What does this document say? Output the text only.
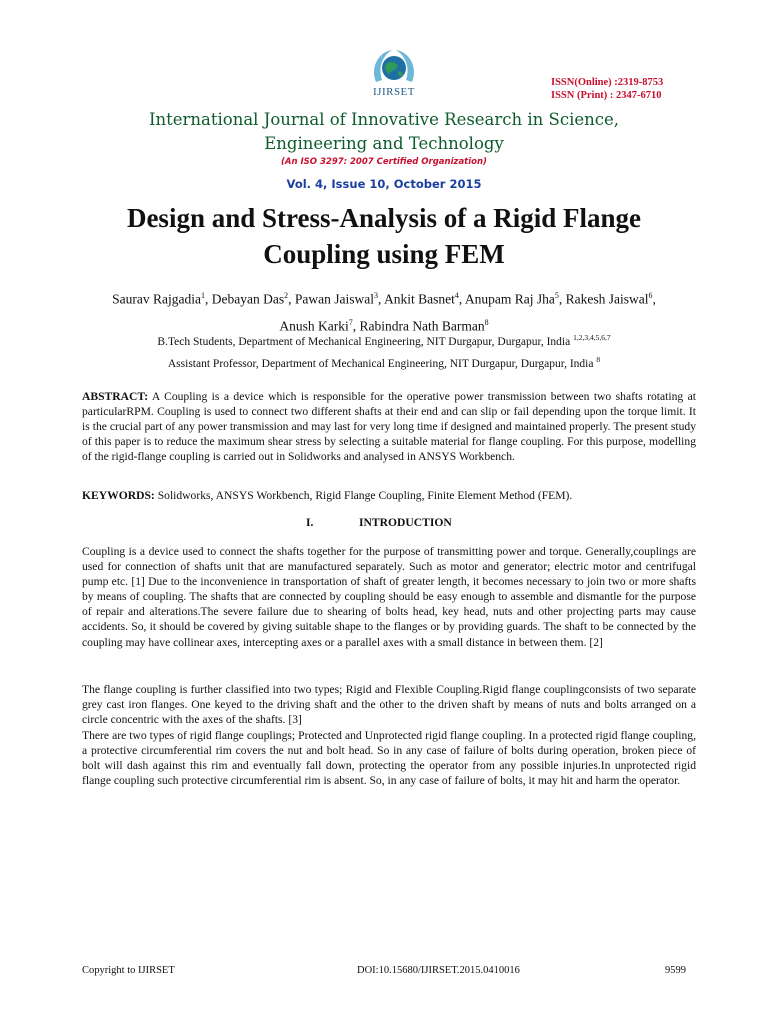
IJIRSET
ISSN(Online) :2319-8753
ISSN (Print) : 2347-6710
International Journal of Innovative Research in Science,
Engineering and Technology
(An ISO 3297: 2007 Certified Organization)
Vol. 4, Issue 10, October 2015
Design and Stress-Analysis of a Rigid Flange
Coupling using FEM
Saurav Rajgadia$^1$, Debayan Das$^2$, Pawan Jaiswal$^3$, Ankit Basnet$^4$, Anupam Raj Jha$^5$, Rakesh Jaiswal$^6$,
Anush Karki$^7$, Rabindra Nath Barman$^8$
B.Tech Students, Department of Mechanical Engineering, NIT Durgapur, Durgapur, India $^{1,2,3,4,5,6,7}$
Assistant Professor, Department of Mechanical Engineering, NIT Durgapur, Durgapur, India $^8$

ABSTRACT: A Coupling is a device which is responsible for the operative power transmission between two shafts rotating at particularRPM. Coupling is used to connect two different shafts at their end and can slip or fail depending upon the torque limit. It is the crucial part of any power transmission and may last for very long time if designed and maintained properly. The present study of this paper is to reduce the maximum shear stress by selecting a suitable material for flange coupling. For this purpose, modelling of the rigid-flange coupling is carried out in Solidworks and analysed in ANSYS Workbench.

KEYWORDS: Solidworks, ANSYS Workbench, Rigid Flange Coupling, Finite Element Method (FEM).

I.	INTRODUCTION

Coupling is a device used to connect the shafts together for the purpose of transmitting power and torque. Generally,couplings are used for connection of shafts unit that are manufactured separately. Such as motor and generator; electric motor and centrifugal pump etc. [1] Due to the inconvenience in transportation of shaft of greater length, it becomes necessary to join two or more shafts by means of coupling. The shafts that are connected by coupling should be easy enough to assemble and dismantle for the purpose of repair and alterations.The severe failure due to shearing of bolts head, key head, nuts and other projecting parts may cause accidents. So, it should be covered by giving suitable shape to the flanges or by providing guards. The shaft to be connected by the coupling may have collinear axes, intercepting axes or a parallel axes with a small distance in between them. [2]

The flange coupling is further classified into two types; Rigid and Flexible Coupling.Rigid flange couplingconsists of two separate grey cast iron flanges. One keyed to the driving shaft and the other to the driven shaft by means of nuts and bolts arranged on a circle concentric with the axes of the shafts. [3]

There are two types of rigid flange couplings; Protected and Unprotected rigid flange coupling. In a protected rigid flange coupling, a protective circumferential rim covers the nut and bolt head. So in any case of failure of bolts during operation, broken piece of bolt will dash against this rim and eventually fall down, protecting the operator from any possible injuries.In unprotected rigid flange coupling such protective circumferential rim is absent. So, in any case of failure of bolts, it may hit and harm the operator.

Copyright to IJIRSET	DOI:10.15680/IJIRSET.2015.0410016	9599
